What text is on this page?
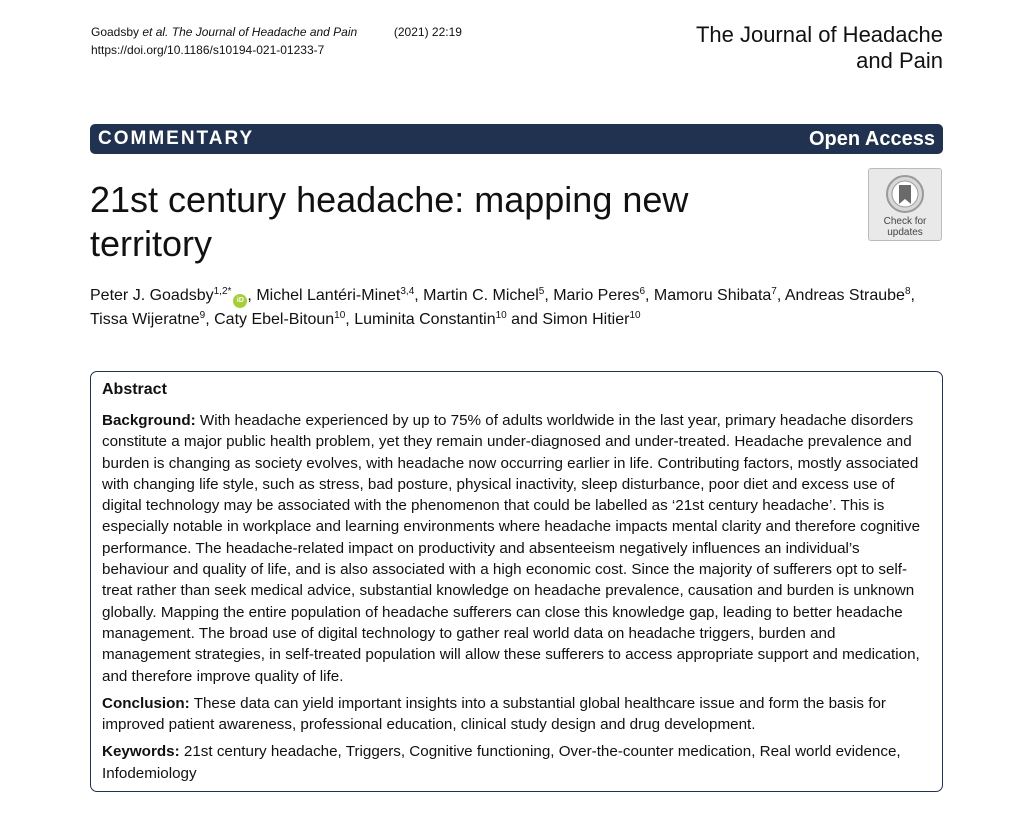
Goadsby et al. The Journal of Headache and Pain	(2021) 22:19
https://doi.org/10.1186/s10194-021-01233-7
The Journal of Headache
and Pain
COMMENTARY	Open Access
21st century headache: mapping new
territory
Check for
updates
Peter J. Goadsby$^{1,2*}$iD , Michel Lantéri-Minet$^{3,4}$, Martin C. Michel$^5$, Mario Peres$^6$, Mamoru Shibata$^7$, Andreas Straube$^8$, Tissa Wijeratne$^9$, Caty Ebel-Bitoun$^{10}$, Luminita Constantin$^{10}$ and Simon Hitier$^{10}$
Abstract

Background: With headache experienced by up to 75% of adults worldwide in the last year, primary headache disorders constitute a major public health problem, yet they remain under-diagnosed and under-treated. Headache prevalence and burden is changing as society evolves, with headache now occurring earlier in life. Contributing factors, mostly associated with changing life style, such as stress, bad posture, physical inactivity, sleep disturbance, poor diet and excess use of digital technology may be associated with the phenomenon that could be labelled as ‘21st century headache’. This is especially notable in workplace and learning environments where headache impacts mental clarity and therefore cognitive performance. The headache-related impact on productivity and absenteeism negatively influences an individual’s behaviour and quality of life, and is also associated with a high economic cost. Since the majority of sufferers opt to self-treat rather than seek medical advice, substantial knowledge on headache prevalence, causation and burden is unknown globally. Mapping the entire population of headache sufferers can close this knowledge gap, leading to better headache management. The broad use of digital technology to gather real world data on headache triggers, burden and management strategies, in self-treated population will allow these sufferers to access appropriate support and medication, and therefore improve quality of life.

Conclusion: These data can yield important insights into a substantial global healthcare issue and form the basis for improved patient awareness, professional education, clinical study design and drug development.

Keywords: 21st century headache, Triggers, Cognitive functioning, Over-the-counter medication, Real world evidence, Infodemiology
